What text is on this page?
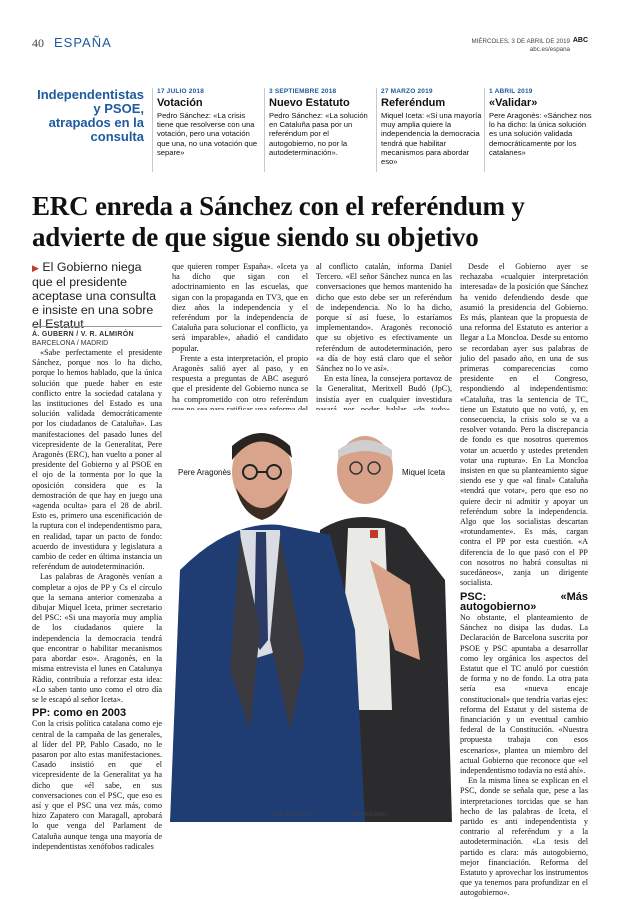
40 ESPAÑA	MIÉRCOLES, 3 DE ABRIL DE 2019
abc.es/espana
ABC
Independentistas y PSOE, atrapados en la consulta
17 JULIO 2018
Votación
Pedro Sánchez: «La crisis tiene que resolverse con una votación, pero una votación que una, no una votación que separe»
3 SEPTIEMBRE 2018
Nuevo Estatuto
Pedro Sánchez: «La solución en Cataluña pasa por un referéndum por el autogobierno, no por la autodeterminación».
27 MARZO 2019
Referéndum
Miquel Iceta: «Si una mayoría muy amplia quiere la independencia la democracia tendrá que habilitar mecanismos para abordar eso»
1 ABRIL 2019
«Validar»
Pere Aragonès: «Sánchez nos lo ha dicho: la única solución es una solución validada democráticamente por los catalanes»
ERC enreda a Sánchez con el referéndum y advierte de que sigue siendo su objetivo
▶ El Gobierno niega que el presidente aceptase una consulta e insiste en una sobre el Estatut
Á. GUBERN / V. R. ALMIRÓN
BARCELONA / MADRID

«Sabe perfectamente el presidente Sánchez, porque nos lo ha dicho, porque lo hemos hablado, que la única solución que puede haber en este conflicto entre la sociedad catalana y las instituciones del Estado es una solución validada democráticamente por los ciudadanos de Cataluña». Las manifestaciones del pasado lunes del vicepresidente de la Generalitat, Pere Aragonès (ERC), han vuelto a poner al presidente del Gobierno y al PSOE en el ojo de la tormenta por lo que la oposición considera que es la demostración de que hay en juego una «agenda oculta» para el 28 de abril. Esto es, primero una escenificación de la ruptura con el independentismo para, en realidad, tapar un pacto de fondo: acuerdo de investidura y legislatura a cambio de ceder en última instancia un referéndum de autodeterminación.

Las palabras de Aragonès venían a completar a ojos de PP y Cs el círculo que la semana anterior comenzaba a dibujar Miquel Iceta, primer secretario del PSC: «Si una mayoría muy amplia de los ciudadanos quiere la independencia la democracia tendrá que encontrar o habilitar mecanismos para abordar eso». Aragonès, en la misma entrevista el lunes en Catalunya Ràdio, contribuía a reforzar esta idea: «Lo saben tanto uno como el otro día se le escapó al señor Iceta».

PP: como en 2003

Con la crisis política catalana como eje central de la campaña de las generales, al líder del PP, Pablo Casado, no le pasaron por alto estas manifestaciones. Casado insistió en que el vicepresidente de la Generalitat ya ha dicho que «él sabe, en sus conversaciones con el PSC, que eso es así y que el PSC una vez más, como hizo Zapatero con Maragall, aprobará lo que venga del Parlament de Cataluña aunque tenga una mayoría de independentistas xenófobos radicales

que quieren romper España». «Iceta ya ha dicho que sigan con el adoctrinamiento en las escuelas, que sigan con la propaganda en TV3, que en diez años la independencia y el referéndum por la independencia de Cataluña para solucionar el conflicto, ya será imparable», añadió el candidato popular.

Frente a esta interpretación, el propio Aragonès salió ayer al paso, y en respuesta a preguntas de ABC aseguró que el presidente del Gobierno nunca se ha comprometido con otro referéndum

al conflicto catalán, informa Daniel Tercero. «El señor Sánchez nunca en las conversaciones que hemos mantenido ha dicho que esto debe ser un referéndum de independencia. No lo ha dicho, porque sí así fuese, lo estaríamos implementando». Aragonès reconoció que su objetivo es efectivamente un referéndum de autodeterminación, pero «a día de hoy está claro que el señor Sánchez no lo ve así».

En esta línea, la consejera portavoz de la Generalitat, Meritxell Budó (JpC), insistía ayer en cualquier investidura

Desde el Gobierno ayer se rechazaba «cualquier interpretación interesada» de la posición que Sánchez ha venido defendiendo desde que asumió la presidencia del Gobierno. Es más, plantean que la propuesta de una reforma del Estatuto es anterior a llegar a La Moncloa. Desde su entorno se recordaban ayer sus palabras de julio del pasado año, en una de sus primeras comparecencias como presidente en el Congreso, respondiendo al independentismo: «Cataluña, tras la sentencia de TC, tiene un Estatuto que no votó, y, en consecuencia, la crisis solo se va a resolver votando. Pero la discrepancia de fondo es que nosotros queremos votar un acuerdo y ustedes pretenden votar una ruptura». En La Moncloa insisten en que su planteamiento sigue siendo ese y que «al final» Cataluña «tendrá que votar», pero que eso no quiere decir ni admitir y apoyar un referéndum sobre la independencia. Algo que los socialistas descartan «rotundamente». Es más, cargan contra el PP por esta cuestión. «A diferencia de lo que pasó con el PP con nosotros no habrá consultas ni sucedáneos», zanja un dirigente socialista.

PSC: «Más autogobierno»

No obstante, el planteamiento de Sánchez no disipa las dudas. La Declaración de Barcelona suscrita por PSOE y PSC apuntaba a desarrollar como ley orgánica los aspectos del Estatut que el TC anuló por cuestión de forma y no de fondo. La otra pata sería esa «nueva encaje constitucional» que tendría varias ejes: reforma del Estatut y del sistema de financiación y un eventual cambio federal de la Constitución. «Nuestra propuesta trabaja con esos escenarios», plantea un miembro del actual Gobierno que reconoce que «el independentismo todavía no está ahí».

En la misma línea se explican en el PSC, donde se señala que, pese a las interpretaciones torcidas que se han hecho de las palabras de Iceta, el partido es anti independentista y contrario al referéndum y a la autodeterminación. «La tesis del partido es clara: más autogobierno, mejor financiación. Reforma del Estatuto y aprovechar los instrumentos que ya tenemos para profundizar en el autogobierno».

Pere Aragonès	Miquel Iceta
INÉS BAUCELLS	PEP DALMAU
